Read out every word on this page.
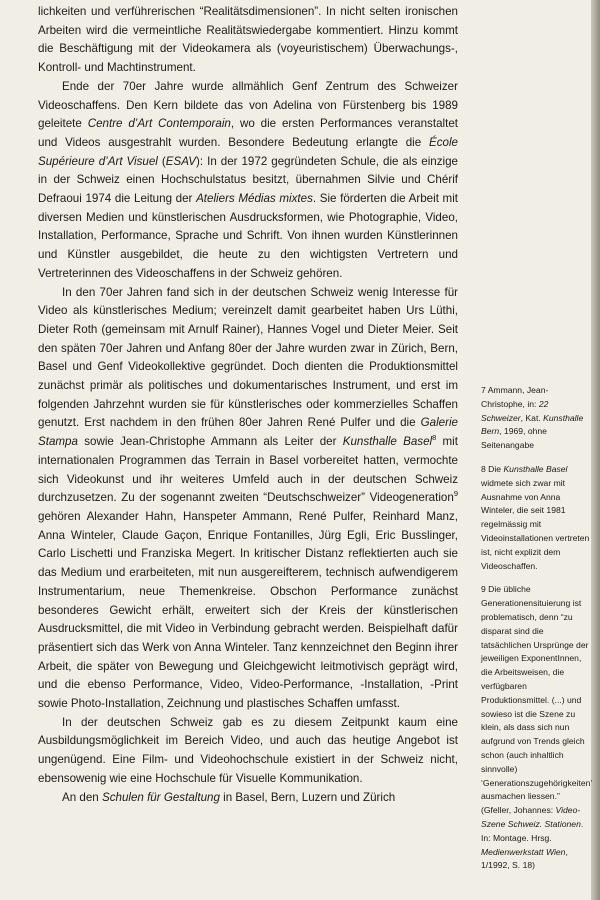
lichkeiten und verführerischen “Realitätsdimensionen”. In nicht selten ironischen Arbeiten wird die vermeintliche Realitätswiedergabe kommentiert. Hinzu kommt die Beschäftigung mit der Videokamera als (voyeuristischem) Überwachungs-, Kontroll- und Machtinstrument.

Ende der 70er Jahre wurde allmählich Genf Zentrum des Schweizer Videoschaffens. Den Kern bildete das von Adelina von Fürstenberg bis 1989 geleitete Centre d’Art Contemporain, wo die ersten Performances veranstaltet und Videos ausgestrahlt wurden. Besondere Bedeutung erlangte die École Supérieure d’Art Visuel (ESAV): In der 1972 gegründeten Schule, die als einzige in der Schweiz einen Hochschulstatus besitzt, übernahmen Silvie und Chérif Defraoui 1974 die Leitung der Ateliers Médias mixtes. Sie förderten die Arbeit mit diversen Medien und künstlerischen Ausdrucksformen, wie Photographie, Video, Installation, Performance, Sprache und Schrift. Von ihnen wurden Künstlerinnen und Künstler ausgebildet, die heute zu den wichtigsten Vertretern und Vertreterinnen des Videoschaffens in der Schweiz gehören.

In den 70er Jahren fand sich in der deutschen Schweiz wenig Interesse für Video als künstlerisches Medium; vereinzelt damit gearbeitet haben Urs Lüthi, Dieter Roth (gemeinsam mit Arnulf Rainer), Hannes Vogel und Dieter Meier. Seit den späten 70er Jahren und Anfang 80er der Jahre wurden zwar in Zürich, Bern, Basel und Genf Videokollektive gegründet. Doch dienten die Produktionsmittel zunächst primär als politisches und dokumentarisches Instrument, und erst im folgenden Jahrzehnt wurden sie für künstlerisches oder kommerzielles Schaffen genutzt. Erst nachdem in den frühen 80er Jahren René Pulfer und die Galerie Stampa sowie Jean-Christophe Ammann als Leiter der Kunsthalle Basel$^8$ mit internationalen Programmen das Terrain in Basel vorbereitet hatten, vermochte sich Videokunst und ihr weiteres Umfeld auch in der deutschen Schweiz durchzusetzen. Zu der sogenannt zweiten “Deutschschweizer” Videogeneration$^9$ gehören Alexander Hahn, Hanspeter Ammann, René Pulfer, Reinhard Manz, Anna Winteler, Claude Gaçon, Enrique Fontanilles, Jürg Egli, Eric Busslinger, Carlo Lischetti und Franziska Megert. In kritischer Distanz reflektierten auch sie das Medium und erarbeiteten, mit nun ausgereifterem, technisch aufwendigerem Instrumentarium, neue Themenkreise. Obschon Performance zunächst besonderes Gewicht erhält, erweitert sich der Kreis der künstlerischen Ausdrucksmittel, die mit Video in Verbindung gebracht werden. Beispielhaft dafür präsentiert sich das Werk von Anna Winteler. Tanz kennzeichnet den Beginn ihrer Arbeit, die später von Bewegung und Gleichgewicht leitmotivisch geprägt wird, und die ebenso Performance, Video, Video-Performance, -Installation, -Print sowie Photo-Installation, Zeichnung und plastisches Schaffen umfasst.

In der deutschen Schweiz gab es zu diesem Zeitpunkt kaum eine Ausbildungsmöglichkeit im Bereich Video, und auch das heutige Angebot ist ungenügend. Eine Film- und Videohochschule existiert in der Schweiz nicht, ebensowenig wie eine Hochschule für Visuelle Kommunikation.

An den Schulen für Gestaltung in Basel, Bern, Luzern und Zürich

7 Ammann, Jean-Christophe, in: 22 Schweizer, Kat. Kunsthalle Bern, 1969, ohne Seitenangabe
8 Die Kunsthalle Basel widmete sich zwar mit Ausnahme von Anna Winteler, die seit 1981 regelmässig mit Videoinstallationen vertreten ist, nicht explizit dem Videoschaffen.
9 Die übliche Generationensituierung ist problematisch, denn “zu disparat sind die tatsächlichen Ursprünge der jeweiligen ExponentInnen, die Arbeitsweisen, die verfügbaren Produktionsmittel. (...) und sowieso ist die Szene zu klein, als dass sich nun aufgrund von Trends gleich schon (auch inhaltlich sinnvolle) ‘Generationszugehörigkeiten’ ausmachen liessen.” (Gfeller, Johannes: Video-Szene Schweiz. Stationen. In: Montage. Hrsg. Medienwerkstatt Wien, 1/1992, S. 18)
